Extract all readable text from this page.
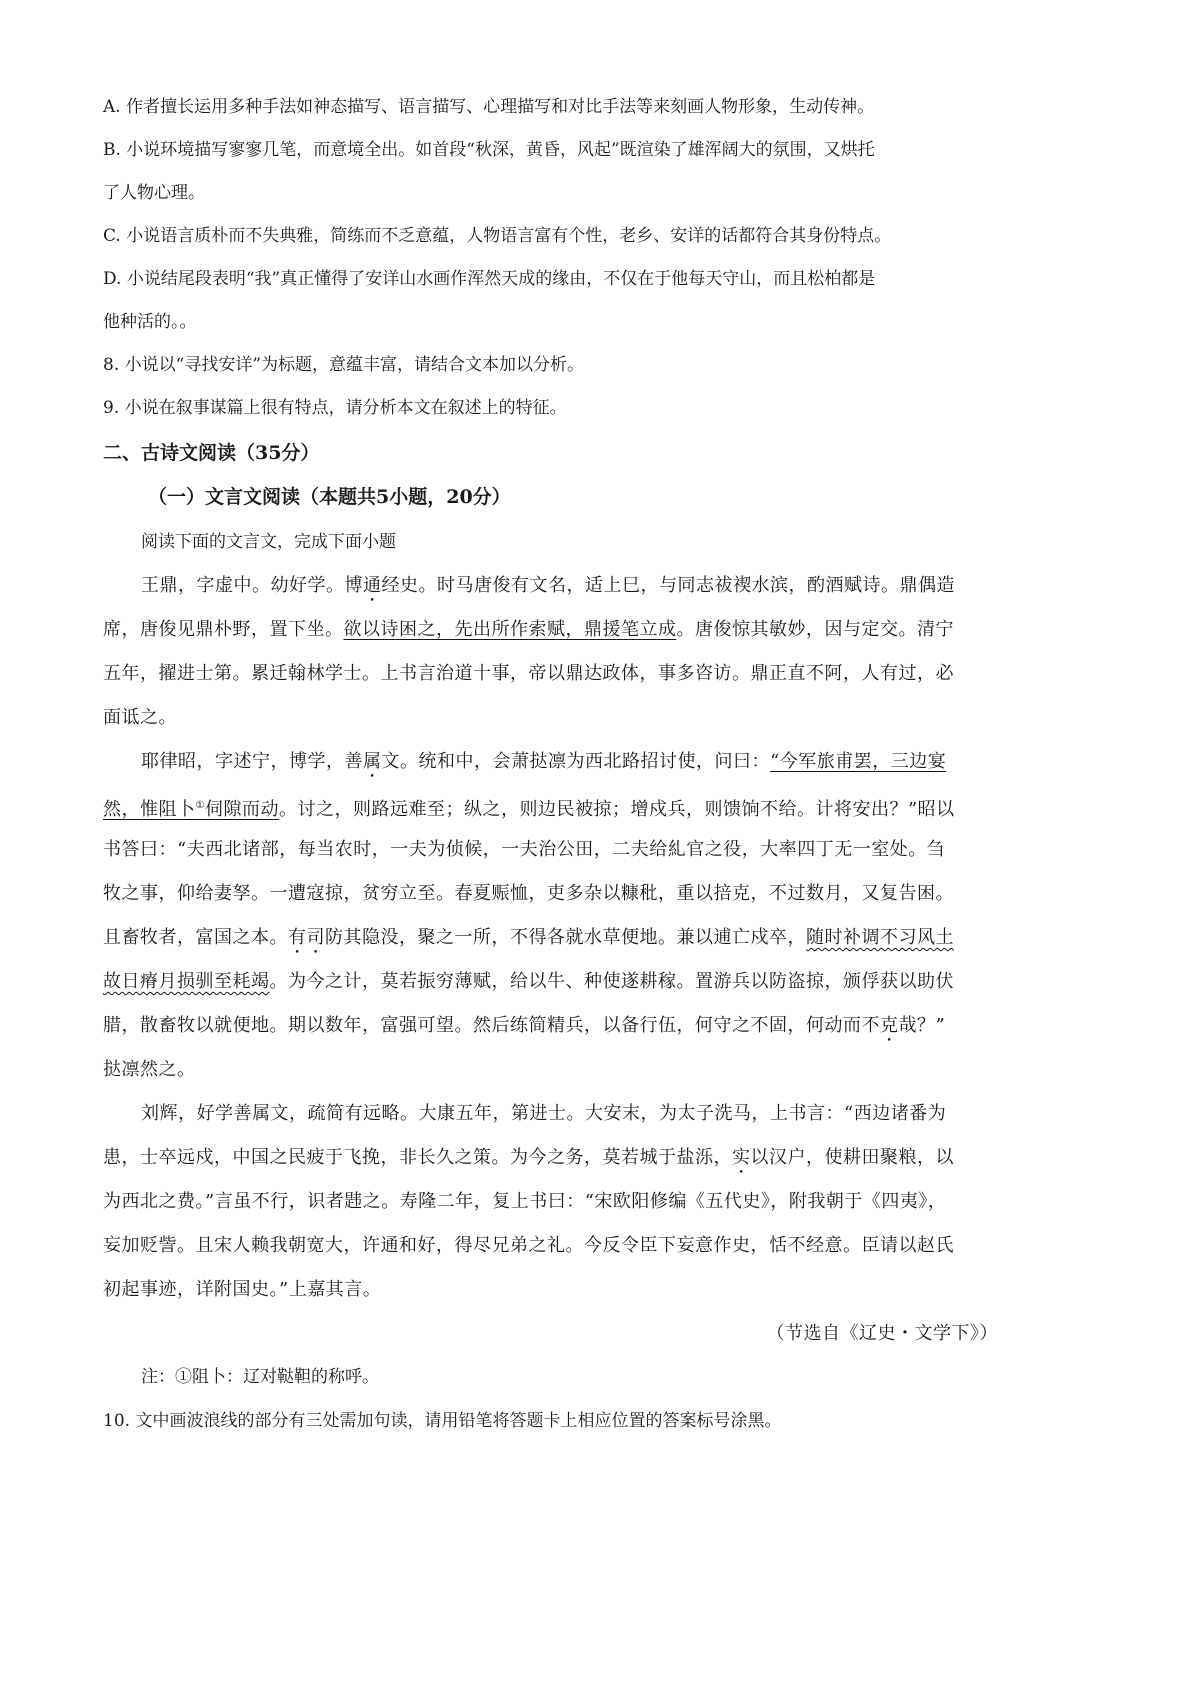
A. 作者擅长运用多种手法如神态描写、语言描写、心理描写和对比手法等来刻画人物形象，生动传神。
B. 小说环境描写寥寥几笔，而意境全出。如首段“秋深，黄昏，风起”既渲染了雄浑阔大的氛围，又烘托
了人物心理。
C. 小说语言质朴而不失典雅，简练而不乏意蕴，人物语言富有个性，老乡、安详的话都符合其身份特点。
D. 小说结尾段表明“我”真正懂得了安详山水画作浑然天成的缘由，不仅在于他每天守山，而且松柏都是
他种活的。。
8. 小说以“寻找安详”为标题，意蕴丰富，请结合文本加以分析。
9. 小说在叙事谋篇上很有特点，请分析本文在叙述上的特征。
二、古诗文阅读（35分）
（一）文言文阅读（本题共5小题，20分）
阅读下面的文言文，完成下面小题
王鼎，字虚中。幼好学。博通经史。时马唐俊有文名，适上巳，与同志祓禊水滨，酌酒赋诗。鼎偶造
席，唐俊见鼎朴野，置下坐。欲以诗困之，先出所作索赋，鼎援笔立成。唐俊惊其敏妙，因与定交。清宁
五年，擢进士第。累迁翰林学士。上书言治道十事，帝以鼎达政体，事多咨访。鼎正直不阿，人有过，必
面诋之。
耶律昭，字述宁，博学，善属文。统和中，会萧挞凛为西北路招讨使，问曰：“今军旅甫罢，三边宴
然，惟阻卜①伺隙而动。讨之，则路远难至；纵之，则边民被掠；增戍兵，则馈饷不给。计将安出？”昭以
书答曰：“夫西北诸部，每当农时，一夫为侦候，一夫治公田，二夫给糺官之役，大率四丁无一室处。刍
牧之事，仰给妻孥。一遭寇掠，贫穷立至。春夏赈恤，吏多杂以糠秕，重以掊克，不过数月，又复告困。
且畜牧者，富国之本。有司防其隐没，聚之一所，不得各就水草便地。兼以逋亡戍卒，随时补调不习风土
故日瘠月损驯至耗竭。为今之计，莫若振穷薄赋，给以牛、种使遂耕稼。置游兵以防盗掠，颁俘获以助伏
腊，散畜牧以就便地。期以数年，富强可望。然后练简精兵，以备行伍，何守之不固，何动而不克哉？”
挞凛然之。
刘辉，好学善属文，疏简有远略。大康五年，第进士。大安末，为太子洗马，上书言：“西边诸番为
患，士卒远戍，中国之民疲于飞挽，非长久之策。为今之务，莫若城于盐泺，实以汉户，使耕田聚粮，以
为西北之费。”言虽不行，识者韪之。寿隆二年，复上书曰：“宋欧阳修编《五代史》，附我朝于《四夷》，
妄加贬訾。且宋人赖我朝宽大，许通和好，得尽兄弟之礼。今反令臣下妄意作史，恬不经意。臣请以赵氏
初起事迹，详附国史。”上嘉其言。
（节选自《辽史・文学下》）
注：①阻卜：辽对鞑靼的称呼。
10. 文中画波浪线的部分有三处需加句读，请用铅笔将答题卡上相应位置的答案标号涂黑。
